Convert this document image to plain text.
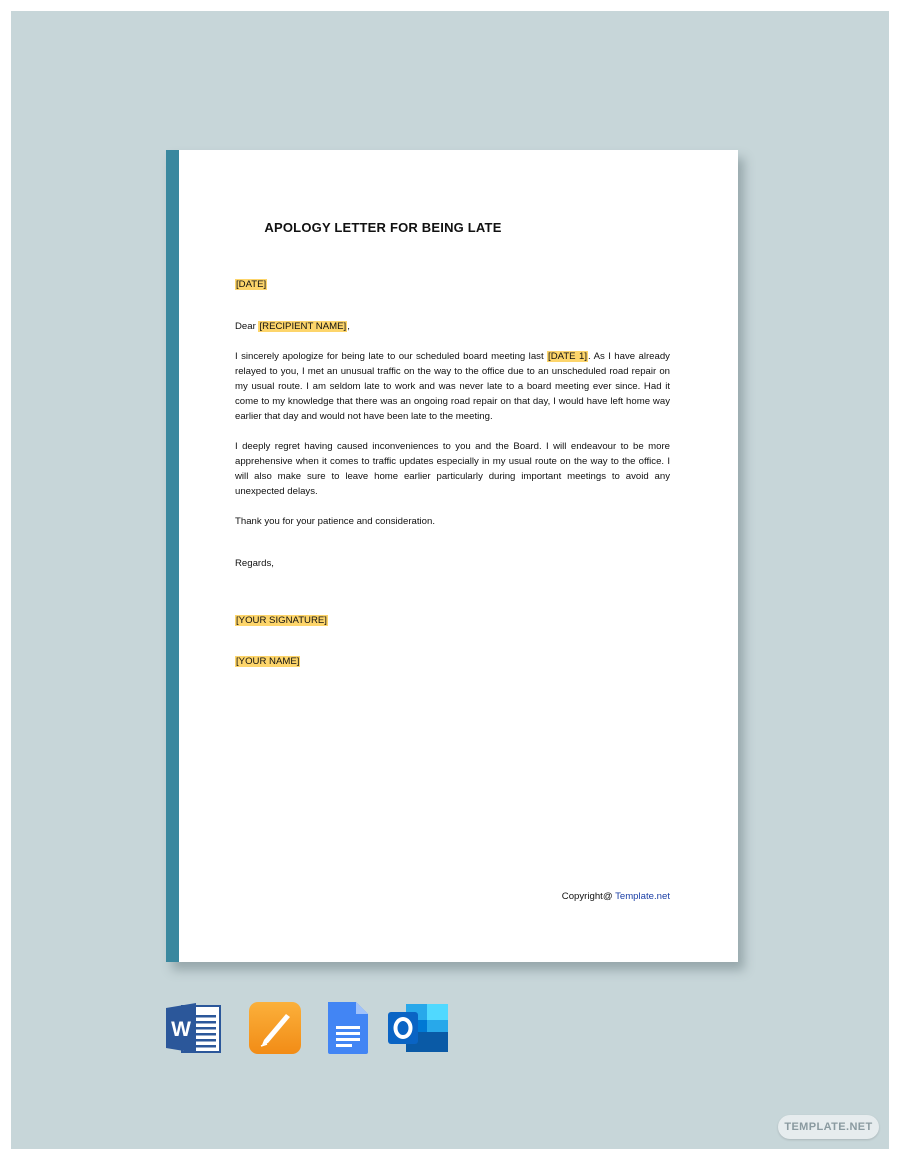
APOLOGY LETTER FOR BEING LATE

[DATE]

Dear [RECIPIENT NAME],

I sincerely apologize for being late to our scheduled board meeting last [DATE 1]. As I have already relayed to you, I met an unusual traffic on the way to the office due to an unscheduled road repair on my usual route. I am seldom late to work and was never late to a board meeting ever since. Had it come to my knowledge that there was an ongoing road repair on that day, I would have left home way earlier that day and would not have been late to the meeting.

I deeply regret having caused inconveniences to you and the Board. I will endeavour to be more apprehensive when it comes to traffic updates especially in my usual route on the way to the office. I will also make sure to leave home earlier particularly during important meetings to avoid any unexpected delays.

Thank you for your patience and consideration.

Regards,

[YOUR SIGNATURE]

[YOUR NAME]

Copyright@ Template.net
W
TEMPLATE.NET
